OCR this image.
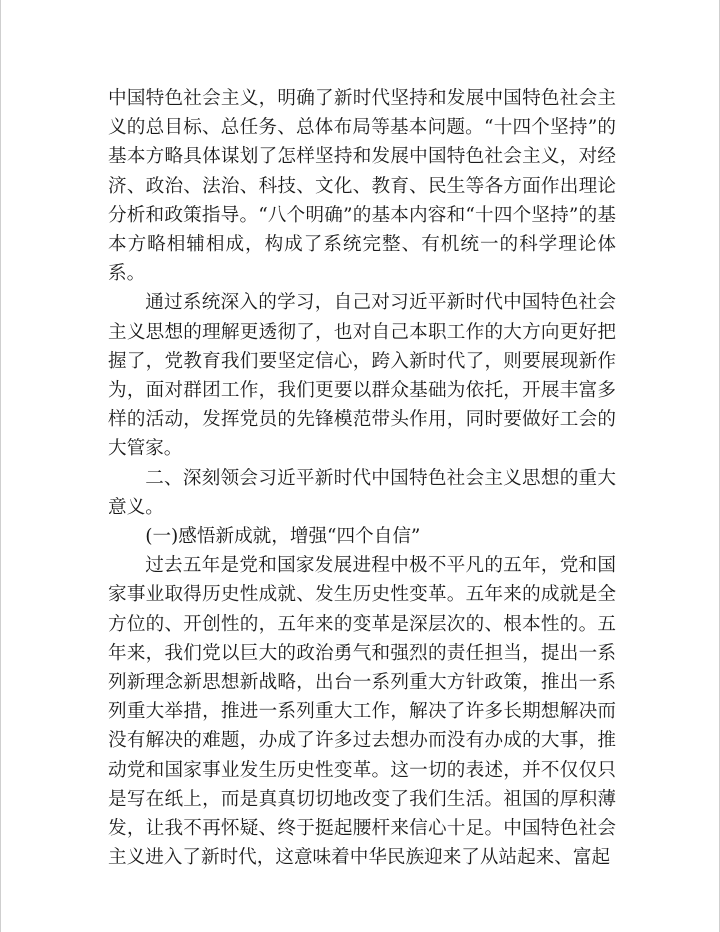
中国特色社会主义，明确了新时代坚持和发展中国特色社会主义的总目标、总任务、总体布局等基本问题。“十四个坚持”的基本方略具体谋划了怎样坚持和发展中国特色社会主义，对经济、政治、法治、科技、文化、教育、民生等各方面作出理论分析和政策指导。“八个明确”的基本内容和“十四个坚持”的基本方略相辅相成，构成了系统完整、有机统一的科学理论体系。

通过系统深入的学习，自己对习近平新时代中国特色社会主义思想的理解更透彻了，也对自己本职工作的大方向更好把握了，党教育我们要坚定信心，跨入新时代了，则要展现新作为，面对群团工作，我们更要以群众基础为依托，开展丰富多样的活动，发挥党员的先锋模范带头作用，同时要做好工会的大管家。

二、深刻领会习近平新时代中国特色社会主义思想的重大意义。

(一)感悟新成就，增强“四个自信”

过去五年是党和国家发展进程中极不平凡的五年，党和国家事业取得历史性成就、发生历史性变革。五年来的成就是全方位的、开创性的，五年来的变革是深层次的、根本性的。五年来，我们党以巨大的政治勇气和强烈的责任担当，提出一系列新理念新思想新战略，出台一系列重大方针政策，推出一系列重大举措，推进一系列重大工作，解决了许多长期想解决而没有解决的难题，办成了许多过去想办而没有办成的大事，推动党和国家事业发生历史性变革。这一切的表述，并不仅仅只是写在纸上，而是真真切切地改变了我们生活。祖国的厚积薄发，让我不再怀疑、终于挺起腰杆来信心十足。中国特色社会主义进入了新时代，这意味着中华民族迎来了从站起来、富起
